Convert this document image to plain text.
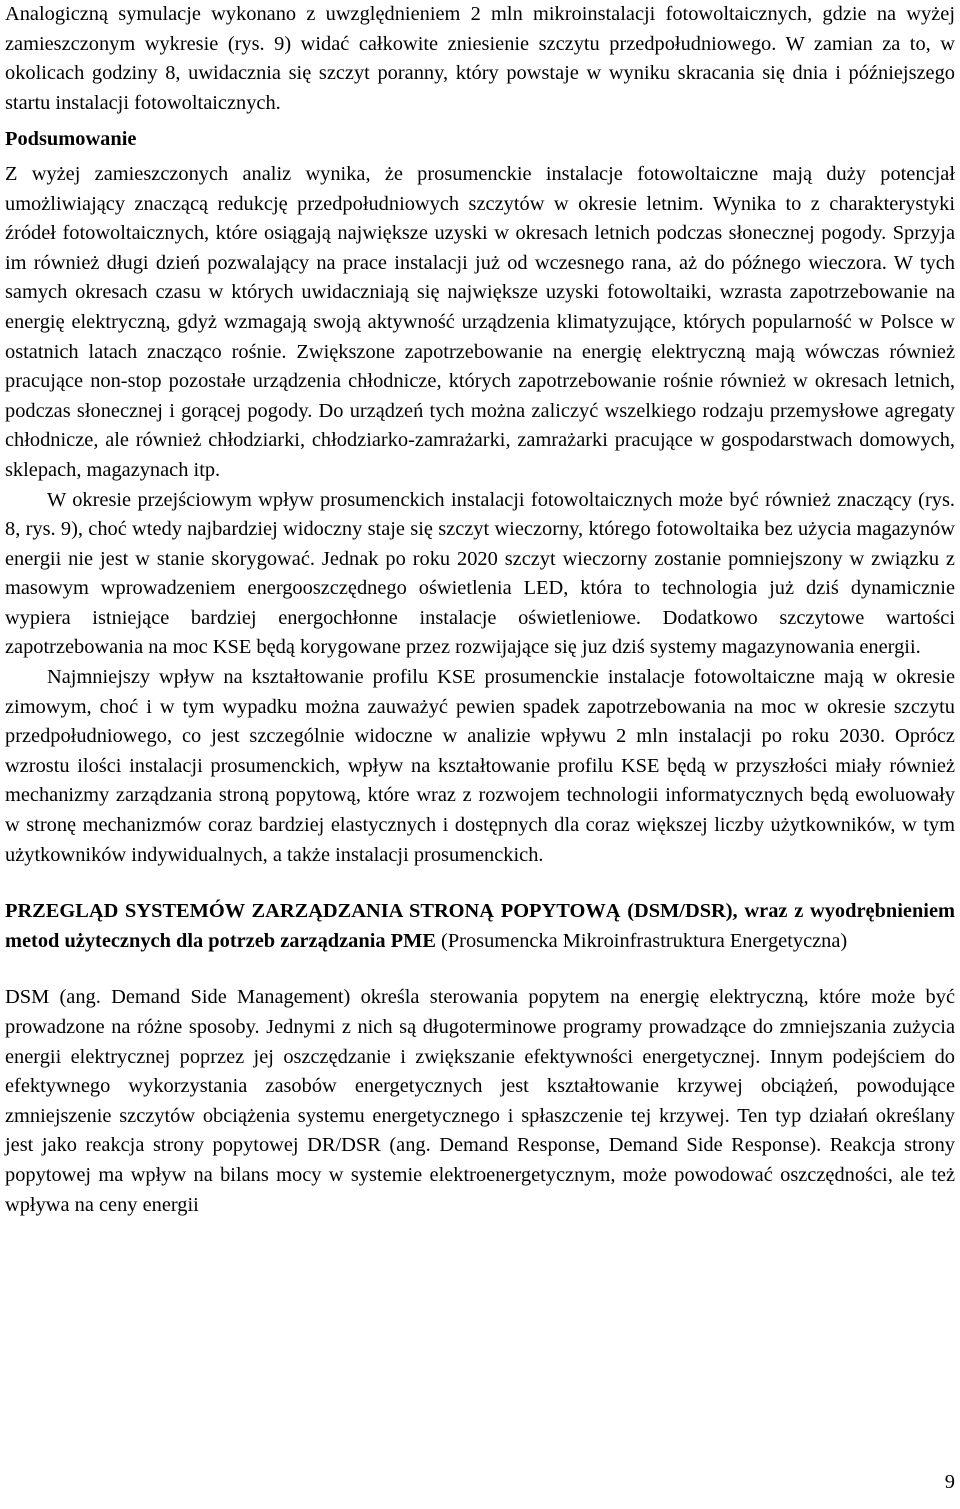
Analogiczną symulacje wykonano z uwzględnieniem 2 mln mikroinstalacji fotowoltaicznych, gdzie na wyżej zamieszczonym wykresie (rys. 9) widać całkowite zniesienie szczytu przedpołudniowego. W zamian za to, w okolicach godziny 8, uwidacznia się szczyt poranny, który powstaje w wyniku skracania się dnia i późniejszego startu instalacji fotowoltaicznych.

Podsumowanie

Z wyżej zamieszczonych analiz wynika, że prosumenckie instalacje fotowoltaiczne mają duży potencjał umożliwiający znaczącą redukcję przedpołudniowych szczytów w okresie letnim. Wynika to z charakterystyki źródeł fotowoltaicznych, które osiągają największe uzyski w okresach letnich podczas słonecznej pogody. Sprzyja im również długi dzień pozwalający na prace instalacji już od wczesnego rana, aż do późnego wieczora. W tych samych okresach czasu w których uwidaczniają się największe uzyski fotowoltaiki, wzrasta zapotrzebowanie na energię elektryczną, gdyż wzmagają swoją aktywność urządzenia klimatyzujące, których popularność w Polsce w ostatnich latach znacząco rośnie. Zwiększone zapotrzebowanie na energię elektryczną mają wówczas również pracujące non-stop pozostałe urządzenia chłodnicze, których zapotrzebowanie rośnie również w okresach letnich, podczas słonecznej i gorącej pogody. Do urządzeń tych można zaliczyć wszelkiego rodzaju przemysłowe agregaty chłodnicze, ale również chłodziarki, chłodziarko-zamrażarki, zamrażarki pracujące w gospodarstwach domowych, sklepach, magazynach itp.

W okresie przejściowym wpływ prosumenckich instalacji fotowoltaicznych może być również znaczący (rys. 8, rys. 9), choć wtedy najbardziej widoczny staje się szczyt wieczorny, którego fotowoltaika bez użycia magazynów energii nie jest w stanie skorygować. Jednak po roku 2020 szczyt wieczorny zostanie pomniejszony w związku z masowym wprowadzeniem energooszczędnego oświetlenia LED, która to technologia już dziś dynamicznie wypiera istniejące bardziej energochłonne instalacje oświetleniowe. Dodatkowo szczytowe wartości zapotrzebowania na moc KSE będą korygowane przez rozwijające się juz dziś systemy magazynowania energii.

Najmniejszy wpływ na kształtowanie profilu KSE prosumenckie instalacje fotowoltaiczne mają w okresie zimowym, choć i w tym wypadku można zauważyć pewien spadek zapotrzebowania na moc w okresie szczytu przedpołudniowego, co jest szczególnie widoczne w analizie wpływu 2 mln instalacji po roku 2030. Oprócz wzrostu ilości instalacji prosumenckich, wpływ na kształtowanie profilu KSE będą w przyszłości miały również mechanizmy zarządzania stroną popytową, które wraz z rozwojem technologii informatycznych będą ewoluowały w stronę mechanizmów coraz bardziej elastycznych i dostępnych dla coraz większej liczby użytkowników, w tym użytkowników indywidualnych, a także instalacji prosumenckich.

PRZEGLĄD SYSTEMÓW ZARZĄDZANIA STRONĄ POPYTOWĄ (DSM/DSR), wraz z wyodrębnieniem metod użytecznych dla potrzeb zarządzania PME (Prosumencka Mikroinfrastruktura Energetyczna)

DSM (ang. Demand Side Management) określa sterowania popytem na energię elektryczną, które może być prowadzone na różne sposoby. Jednymi z nich są długoterminowe programy prowadzące do zmniejszania zużycia energii elektrycznej poprzez jej oszczędzanie i zwiększanie efektywności energetycznej. Innym podejściem do efektywnego wykorzystania zasobów energetycznych jest kształtowanie krzywej obciążeń, powodujące zmniejszenie szczytów obciążenia systemu energetycznego i spłaszczenie tej krzywej. Ten typ działań określany jest jako reakcja strony popytowej DR/DSR (ang. Demand Response, Demand Side Response). Reakcja strony popytowej ma wpływ na bilans mocy w systemie elektroenergetycznym, może powodować oszczędności, ale też wpływa na ceny energii

9
